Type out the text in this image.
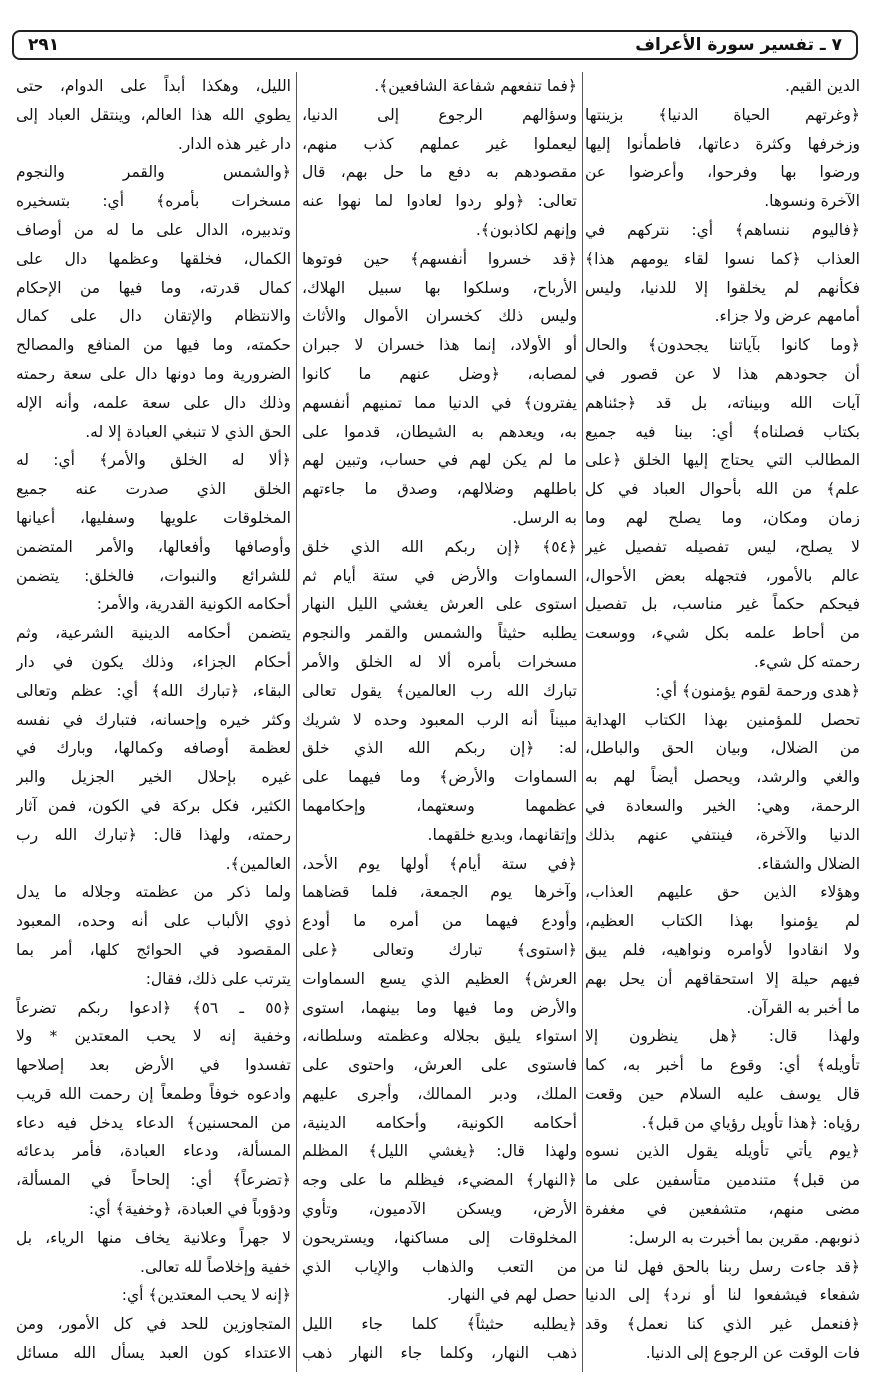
٧ ـ تفسير سورة الأعراف
٢٩١
الدين القيم.
﴿وغرتهم الحياة الدنيا﴾ بزينتها
وزخرفها وكثرة دعاتها، فاطمأنوا إليها
ورضوا بها وفرحوا، وأعرضوا عن
الآخرة ونسوها.
﴿فاليوم ننساهم﴾ أي: نتركهم في
العذاب ﴿كما نسوا لقاء يومهم هذا﴾
فكأنهم لم يخلقوا إلا للدنيا، وليس
أمامهم عرض ولا جزاء.
﴿وما كانوا بآياتنا يجحدون﴾ والحال
أن جحودهم هذا لا عن قصور في
آيات الله وبيناته، بل قد ﴿جئناهم
بكتاب فصلناه﴾ أي: بينا فيه جميع
المطالب التي يحتاج إليها الخلق ﴿على
علم﴾ من الله بأحوال العباد في كل
زمان ومكان، وما يصلح لهم وما
لا يصلح، ليس تفصيله تفصيل غير
عالم بالأمور، فتجهله بعض الأحوال،
فيحكم حكماً غير مناسب، بل تفصيل
من أحاط علمه بكل شيء، ووسعت
رحمته كل شيء.
﴿هدى ورحمة لقوم يؤمنون﴾ أي:
تحصل للمؤمنين بهذا الكتاب الهداية
من الضلال، وبيان الحق والباطل،
والغي والرشد، ويحصل أيضاً لهم به
الرحمة، وهي: الخير والسعادة في
الدنيا والآخرة، فينتفي عنهم بذلك
الضلال والشقاء.
وهؤلاء الذين حق عليهم العذاب،
لم يؤمنوا بهذا الكتاب العظيم،
ولا انقادوا لأوامره ونواهيه، فلم يبق
فيهم حيلة إلا استحقاقهم أن يحل بهم
ما أخبر به القرآن.
ولهذا قال: ﴿هل ينظرون إلا
تأويله﴾ أي: وقوع ما أخبر به، كما
قال يوسف عليه السلام حين وقعت
رؤياه: ﴿هذا تأويل رؤياي من قبل﴾.
﴿يوم يأتي تأويله يقول الذين نسوه
من قبل﴾ متندمين متأسفين على ما
مضى منهم، متشفعين في مغفرة
ذنوبهم. مقرين بما أخبرت به الرسل:
﴿قد جاءت رسل ربنا بالحق فهل لنا من
شفعاء فيشفعوا لنا أو نرد﴾ إلى الدنيا
﴿فنعمل غير الذي كنا نعمل﴾ وقد
فات الوقت عن الرجوع إلى الدنيا.
﴿فما تنفعهم شفاعة الشافعين﴾.
وسؤالهم الرجوع إلى الدنيا،
ليعملوا غير عملهم كذب منهم،
مقصودهم به دفع ما حل بهم، قال
تعالى: ﴿ولو ردوا لعادوا لما نهوا عنه
وإنهم لكاذبون﴾.
﴿قد خسروا أنفسهم﴾ حين فوتوها
الأرباح، وسلكوا بها سبيل الهلاك،
وليس ذلك كخسران الأموال والأثاث
أو الأولاد، إنما هذا خسران لا جبران
لمصابه، ﴿وضل عنهم ما كانوا
يفترون﴾ في الدنيا مما تمنيهم أنفسهم
به، ويعدهم به الشيطان، قدموا على
ما لم يكن لهم في حساب، وتبين لهم
باطلهم وضلالهم، وصدق ما جاءتهم
به الرسل.
﴿٥٤﴾ ﴿إن ربكم الله الذي خلق
السماوات والأرض في ستة أيام ثم
استوى على العرش يغشي الليل النهار
يطلبه حثيثاً والشمس والقمر والنجوم
مسخرات بأمره ألا له الخلق والأمر
تبارك الله رب العالمين﴾ يقول تعالى
مبيناً أنه الرب المعبود وحده لا شريك
له: ﴿إن ربكم الله الذي خلق
السماوات والأرض﴾ وما فيهما على
عظمهما وسعتهما، وإحكامهما
وإتقانهما، وبديع خلقهما.
﴿في ستة أيام﴾ أولها يوم الأحد،
وآخرها يوم الجمعة، فلما قضاهما
وأودع فيهما من أمره ما أودع
﴿استوى﴾ تبارك وتعالى ﴿على
العرش﴾ العظيم الذي يسع السماوات
والأرض وما فيها وما بينهما، استوى
استواء يليق بجلاله وعظمته وسلطانه،
فاستوى على العرش، واحتوى على
الملك، ودبر الممالك، وأجرى عليهم
أحكامه الكونية، وأحكامه الدينية،
ولهذا قال: ﴿يغشي الليل﴾ المظلم
﴿النهار﴾ المضيء، فيظلم ما على وجه
الأرض، ويسكن الآدميون، وتأوي
المخلوقات إلى مساكنها، ويستريحون
من التعب والذهاب والإياب الذي
حصل لهم في النهار.
﴿يطلبه حثيثاً﴾ كلما جاء الليل
ذهب النهار، وكلما جاء النهار ذهب
الليل، وهكذا أبداً على الدوام، حتى
يطوي الله هذا العالم، وينتقل العباد إلى
دار غير هذه الدار.
﴿والشمس والقمر والنجوم
مسخرات بأمره﴾ أي: بتسخيره
وتدبيره، الدال على ما له من أوصاف
الكمال، فخلقها وعظمها دال على
كمال قدرته، وما فيها من الإحكام
والانتظام والإتقان دال على كمال
حكمته، وما فيها من المنافع والمصالح
الضرورية وما دونها دال على سعة رحمته
وذلك دال على سعة علمه، وأنه الإله
الحق الذي لا تنبغي العبادة إلا له.
﴿ألا له الخلق والأمر﴾ أي: له
الخلق الذي صدرت عنه جميع
المخلوقات علويها وسفليها، أعيانها
وأوصافها وأفعالها، والأمر المتضمن
للشرائع والنبوات، فالخلق: يتضمن
أحكامه الكونية القدرية، والأمر:
يتضمن أحكامه الدينية الشرعية، وثم
أحكام الجزاء، وذلك يكون في دار
البقاء، ﴿تبارك الله﴾ أي: عظم وتعالى
وكثر خيره وإحسانه، فتبارك في نفسه
لعظمة أوصافه وكمالها، وبارك في
غيره بإحلال الخير الجزيل والبر
الكثير، فكل بركة في الكون، فمن آثار
رحمته، ولهذا قال: ﴿تبارك الله رب
العالمين﴾.
ولما ذكر من عظمته وجلاله ما يدل
ذوي الألباب على أنه وحده، المعبود
المقصود في الحوائج كلها، أمر بما
يترتب على ذلك، فقال:
﴿٥٥ ـ ٥٦﴾ ﴿ادعوا ربكم تضرعاً
وخفية إنه لا يحب المعتدين * ولا
تفسدوا في الأرض بعد إصلاحها
وادعوه خوفاً وطمعاً إن رحمت الله قريب
من المحسنين﴾ الدعاء يدخل فيه دعاء
المسألة، ودعاء العبادة، فأمر بدعائه
﴿تضرعاً﴾ أي: إلحاحاً في المسألة،
ودؤوباً في العبادة، ﴿وخفية﴾ أي:
لا جهراً وعلانية يخاف منها الرياء، بل
خفية وإخلاصاً لله تعالى.
﴿إنه لا يحب المعتدين﴾ أي:
المتجاوزين للحد في كل الأمور، ومن
الاعتداء كون العبد يسأل الله مسائل
